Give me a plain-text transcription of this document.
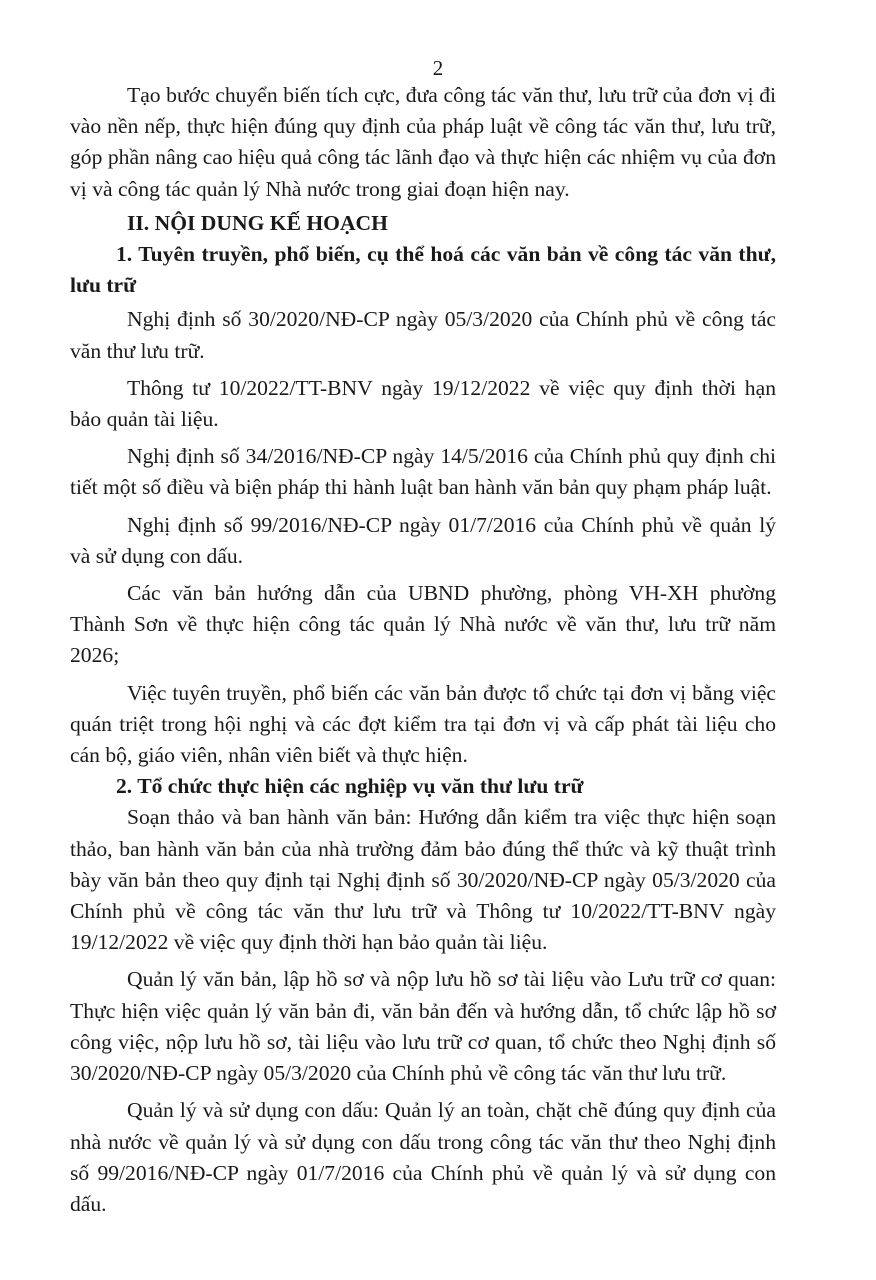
2

Tạo bước chuyển biến tích cực, đưa công tác văn thư, lưu trữ của đơn vị đi vào nền nếp, thực hiện đúng quy định của pháp luật về công tác văn thư, lưu trữ, góp phần nâng cao hiệu quả công tác lãnh đạo và thực hiện các nhiệm vụ của đơn vị và công tác quản lý Nhà nước trong giai đoạn hiện nay.

II. NỘI DUNG KẾ HOẠCH

1. Tuyên truyền, phổ biến, cụ thể hoá các văn bản về công tác văn thư, lưu trữ

Nghị định số 30/2020/NĐ-CP ngày 05/3/2020 của Chính phủ về công tác văn thư lưu trữ.

Thông tư 10/2022/TT-BNV ngày 19/12/2022 về việc quy định thời hạn bảo quản tài liệu.

Nghị định số 34/2016/NĐ-CP ngày 14/5/2016 của Chính phủ quy định chi tiết một số điều và biện pháp thi hành luật ban hành văn bản quy phạm pháp luật.

Nghị định số 99/2016/NĐ-CP ngày 01/7/2016 của Chính phủ về quản lý và sử dụng con dấu.

Các văn bản hướng dẫn của UBND phường, phòng VH-XH phường Thành Sơn về thực hiện công tác quản lý Nhà nước về văn thư, lưu trữ năm 2026;

Việc tuyên truyền, phổ biến các văn bản được tổ chức tại đơn vị bằng việc quán triệt trong hội nghị và các đợt kiểm tra tại đơn vị và cấp phát tài liệu cho cán bộ, giáo viên, nhân viên biết và thực hiện.

2. Tổ chức thực hiện các nghiệp vụ văn thư lưu trữ

Soạn thảo và ban hành văn bản: Hướng dẫn kiểm tra việc thực hiện soạn thảo, ban hành văn bản của nhà trường đảm bảo đúng thể thức và kỹ thuật trình bày văn bản theo quy định tại Nghị định số 30/2020/NĐ-CP ngày 05/3/2020 của Chính phủ về công tác văn thư lưu trữ và Thông tư 10/2022/TT-BNV ngày 19/12/2022 về việc quy định thời hạn bảo quản tài liệu.

Quản lý văn bản, lập hồ sơ và nộp lưu hồ sơ tài liệu vào Lưu trữ cơ quan: Thực hiện việc quản lý văn bản đi, văn bản đến và hướng dẫn, tổ chức lập hồ sơ công việc, nộp lưu hồ sơ, tài liệu vào lưu trữ cơ quan, tổ chức theo Nghị định số 30/2020/NĐ-CP ngày 05/3/2020 của Chính phủ về công tác văn thư lưu trữ.

Quản lý và sử dụng con dấu: Quản lý an toàn, chặt chẽ đúng quy định của nhà nước về quản lý và sử dụng con dấu trong công tác văn thư theo Nghị định số 99/2016/NĐ-CP ngày 01/7/2016 của Chính phủ về quản lý và sử dụng con dấu.
